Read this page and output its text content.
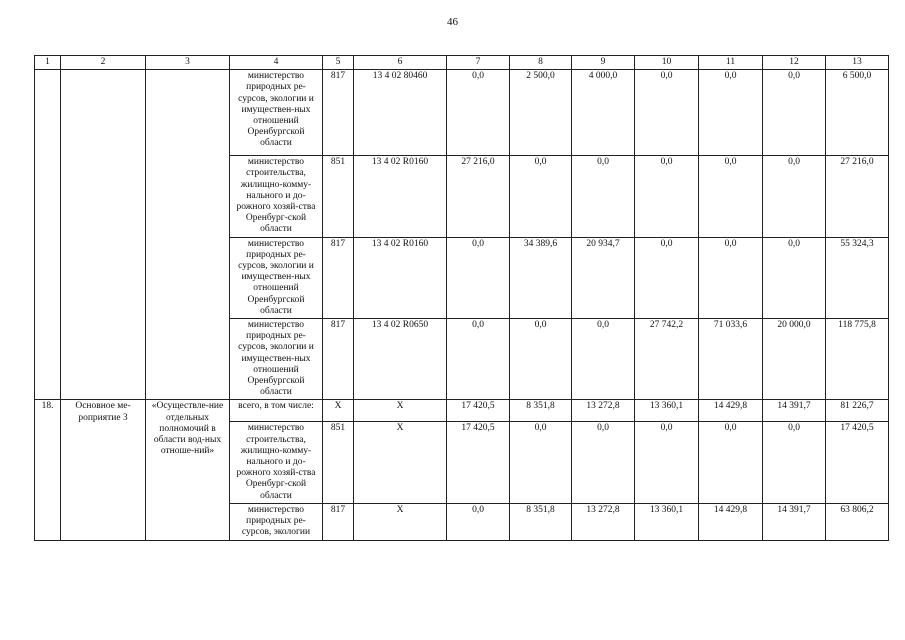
46
1	2	3	4	5	6	7	8	9	10	11	12	13
			министерство природных ре-сурсов, экологии и имуществен-ных отношений Оренбургской области	817	13 4 02 80460	0,0	2 500,0	4 000,0	0,0	0,0	0,0	6 500,0
			министерство строительства, жилищно-комму-нального и до-рожного хозяй-ства Оренбург-ской области	851	13 4 02 R0160	27 216,0	0,0	0,0	0,0	0,0	0,0	27 216,0
			министерство природных ре-сурсов, экологии и имуществен-ных отношений Оренбургской области	817	13 4 02 R0160	0,0	34 389,6	20 934,7	0,0	0,0	0,0	55 324,3
			министерство природных ре-сурсов, экологии и имуществен-ных отношений Оренбургской области	817	13 4 02 R0650	0,0	0,0	0,0	27 742,2	71 033,6	20 000,0	118 775,8
18.	Основное ме-роприятие 3	«Осуществле-ние отдельных полномочий в области вод-ных отноше-ний»	всего, в том числе:	Х	Х	17 420,5	8 351,8	13 272,8	13 360,1	14 429,8	14 391,7	81 226,7
			министерство строительства, жилищно-комму-нального и до-рожного хозяй-ства Оренбург-ской области	851	Х	17 420,5	0,0	0,0	0,0	0,0	0,0	17 420,5
			министерство природных ре-сурсов, экологии	817	Х	0,0	8 351,8	13 272,8	13 360,1	14 429,8	14 391,7	63 806,2
